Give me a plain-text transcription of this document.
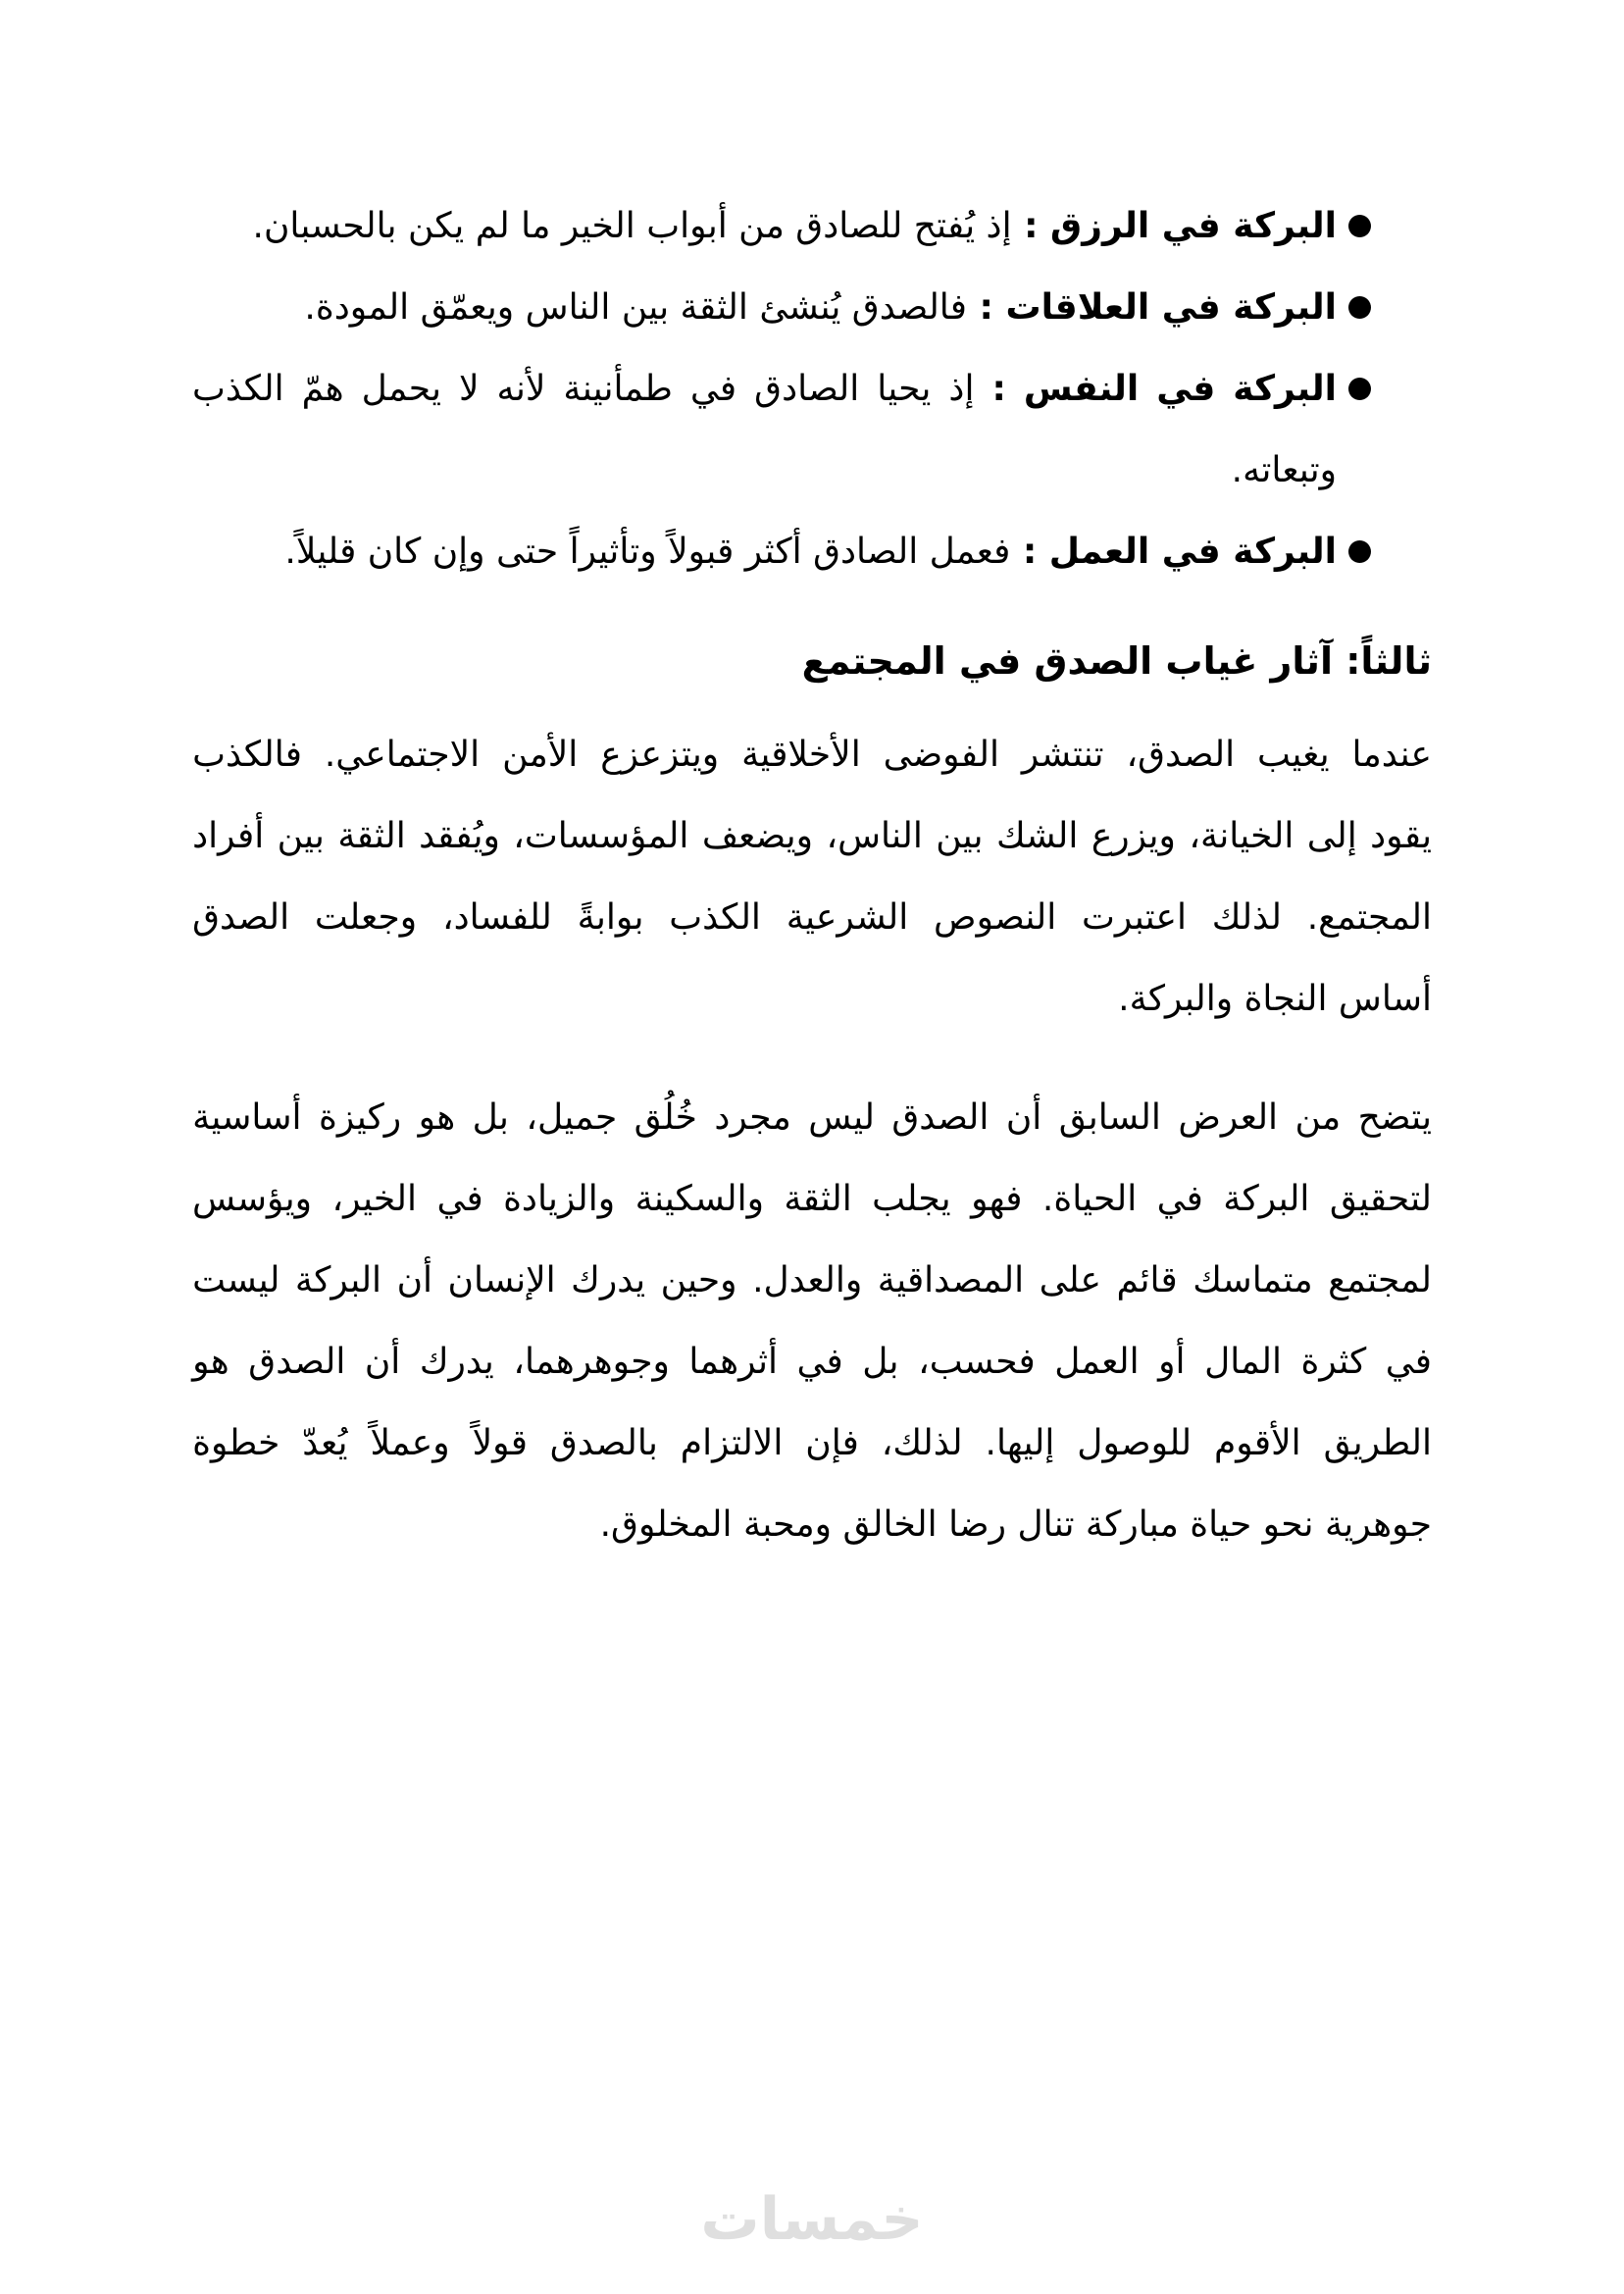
البركة في الرزق : إذ يُفتح للصادق من أبواب الخير ما لم يكن بالحسبان.
البركة في العلاقات : فالصدق يُنشئ الثقة بين الناس ويعمّق المودة.
البركة
في
النفس
:
إذ
يحيا
الصادق
في
طمأنينة
لأنه
لا
يحمل
همّ
الكذب
وتبعاته.
البركة في العمل : فعمل الصادق أكثر قبولاً وتأثيراً حتى وإن كان قليلاً.
ثالثاً: آثار غياب الصدق في المجتمع
عندما
يغيب
الصدق،
تنتشر
الفوضى
الأخلاقية
ويتزعزع
الأمن
الاجتماعي.
فالكذب
يقود
إلى
الخيانة،
ويزرع
الشك
بين
الناس،
ويضعف
المؤسسات،
ويُفقد
الثقة
بين
أفراد
المجتمع.
لذلك
اعتبرت
النصوص
الشرعية
الكذب
بوابةً
للفساد،
وجعلت
الصدق
أساس النجاة والبركة.
يتضح
من
العرض
السابق
أن
الصدق
ليس
مجرد
خُلُق
جميل،
بل
هو
ركيزة
أساسية
لتحقيق
البركة
في
الحياة.
فهو
يجلب
الثقة
والسكينة
والزيادة
في
الخير،
ويؤسس
لمجتمع
متماسك
قائم
على
المصداقية
والعدل.
وحين
يدرك
الإنسان
أن
البركة
ليست
في
كثرة
المال
أو
العمل
فحسب،
بل
في
أثرهما
وجوهرهما،
يدرك
أن
الصدق
هو
الطريق
الأقوم
للوصول
إليها.
لذلك،
فإن
الالتزام
بالصدق
قولاً
وعملاً
يُعدّ
خطوة
جوهرية نحو حياة مباركة تنال رضا الخالق ومحبة المخلوق.
خمسات
